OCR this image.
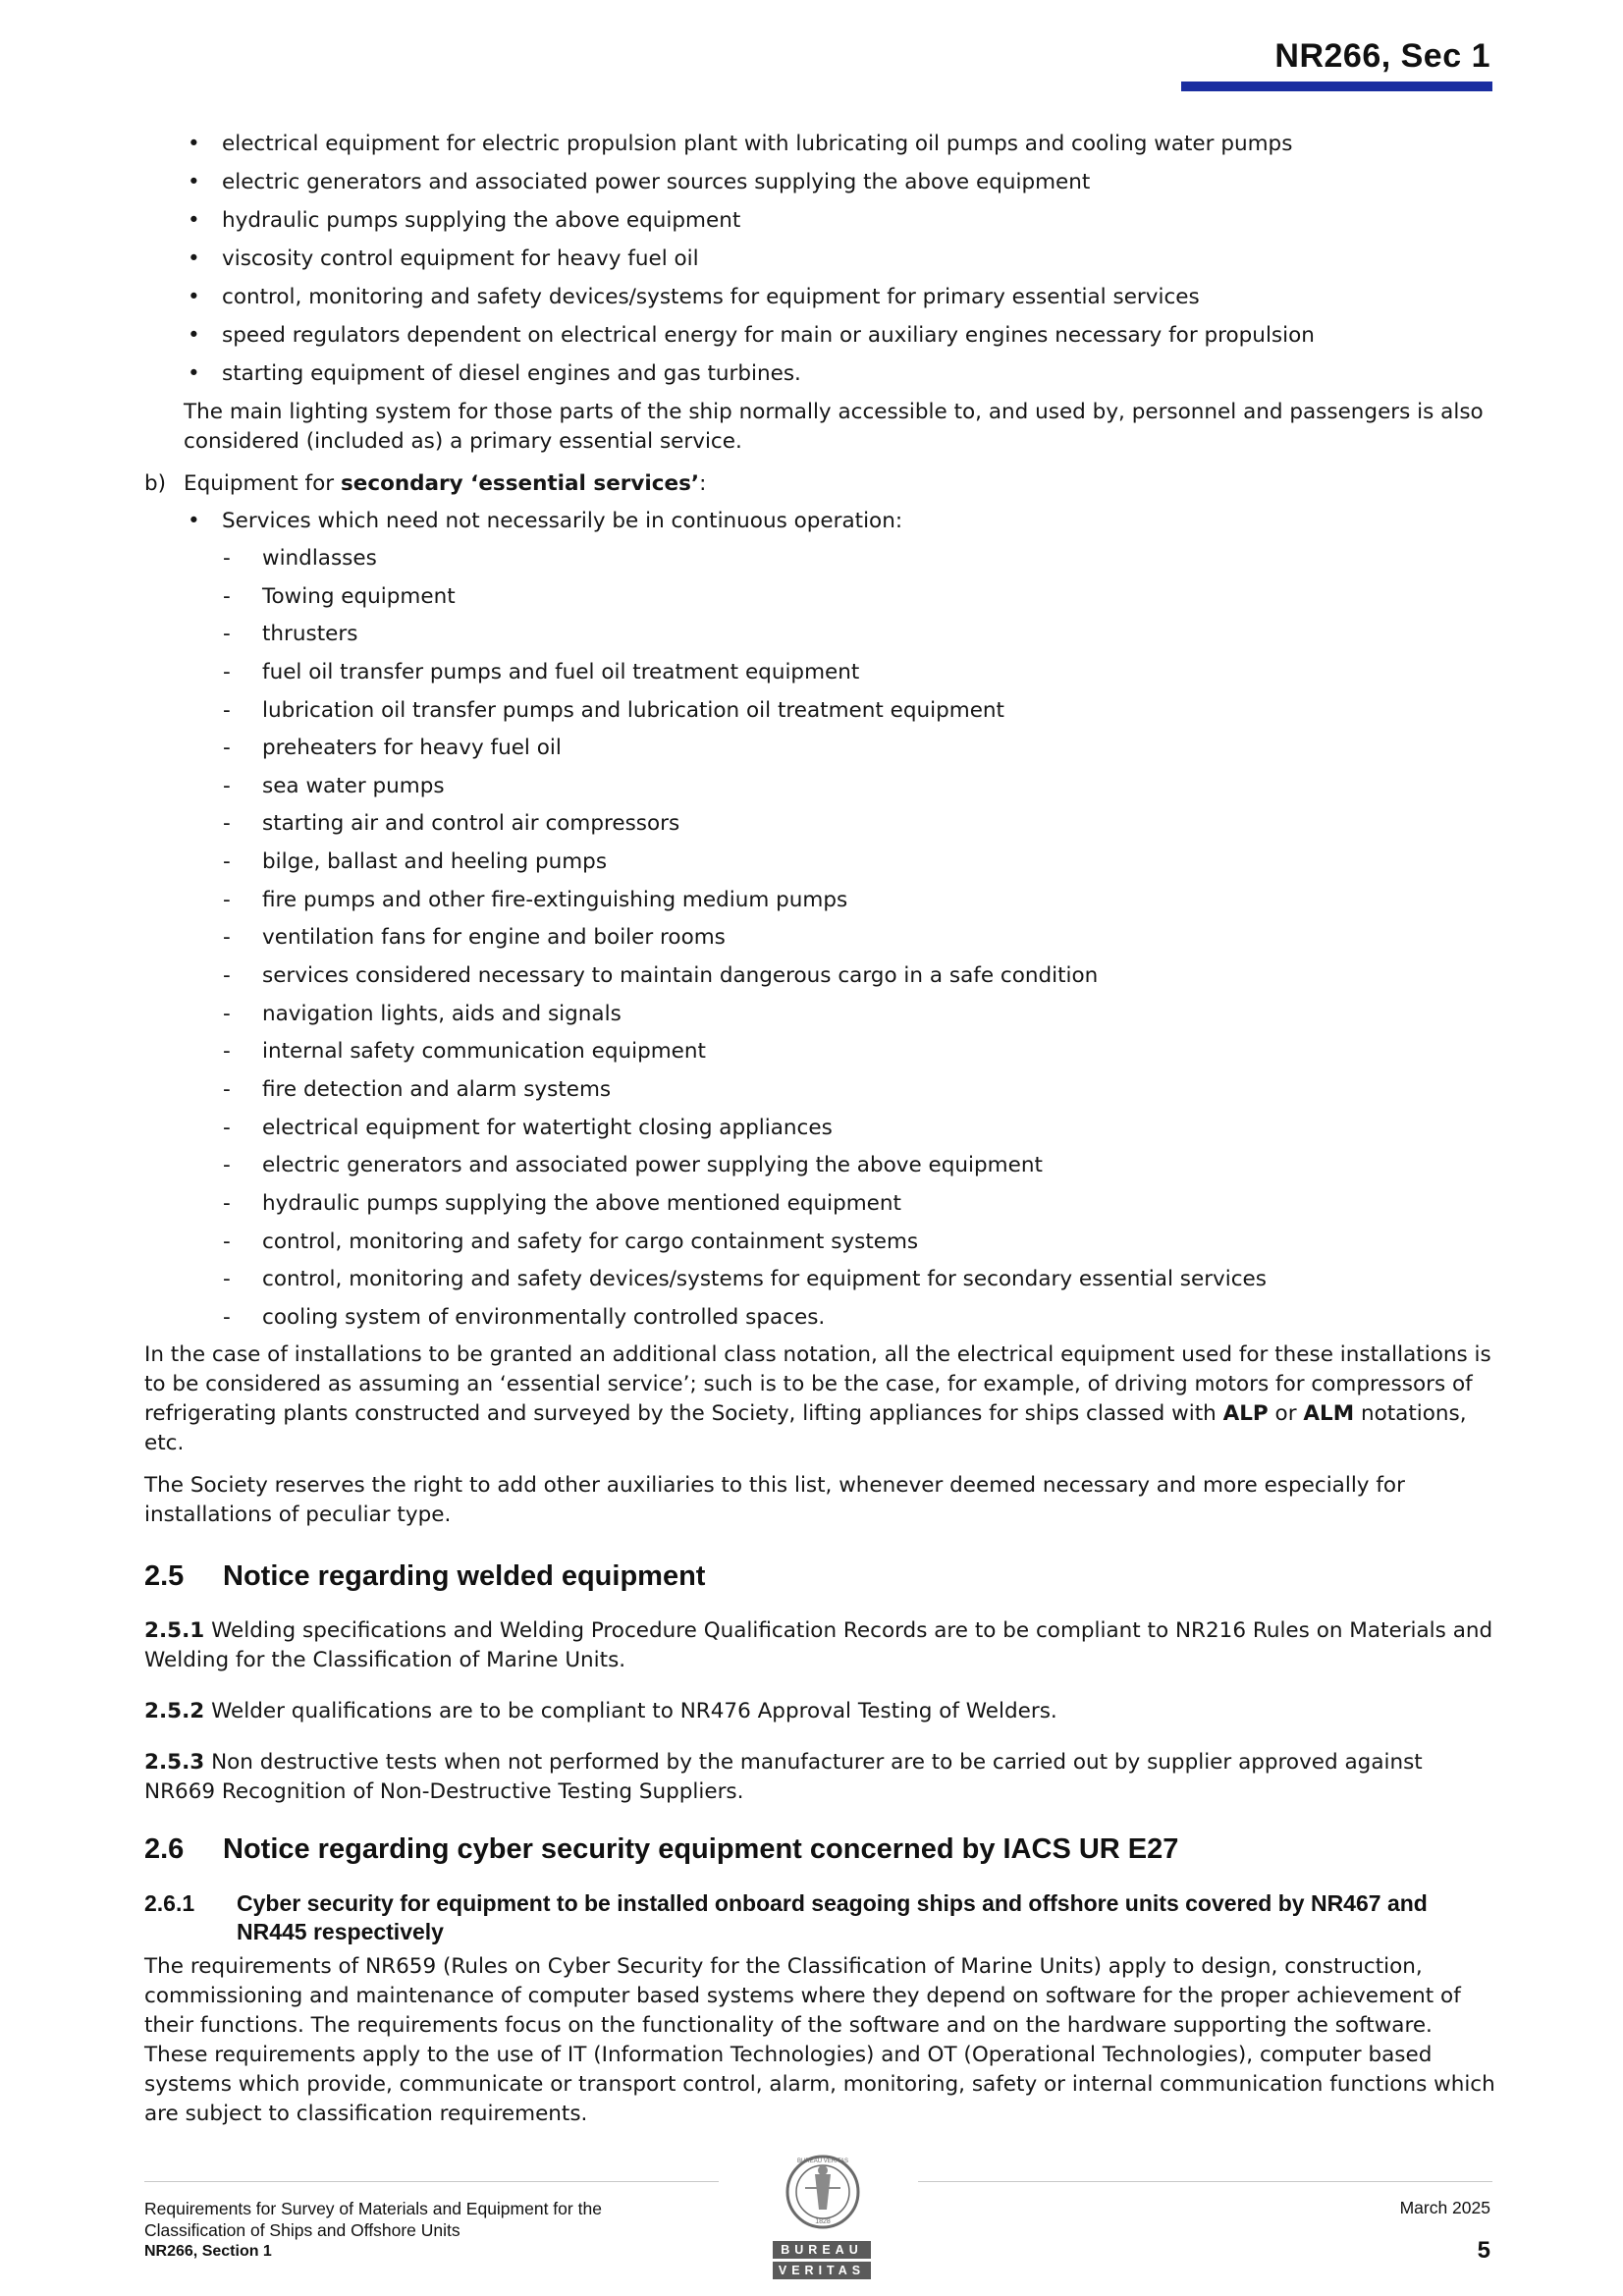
NR266, Sec 1
• electrical equipment for electric propulsion plant with lubricating oil pumps and cooling water pumps
• electric generators and associated power sources supplying the above equipment
• hydraulic pumps supplying the above equipment
• viscosity control equipment for heavy fuel oil
• control, monitoring and safety devices/systems for equipment for primary essential services
• speed regulators dependent on electrical energy for main or auxiliary engines necessary for propulsion
• starting equipment of diesel engines and gas turbines.

The main lighting system for those parts of the ship normally accessible to, and used by, personnel and passengers is also considered (included as) a primary essential service.

b) Equipment for secondary ‘essential services’:
• Services which need not necessarily be in continuous operation:
- windlasses
- Towing equipment
- thrusters
- fuel oil transfer pumps and fuel oil treatment equipment
- lubrication oil transfer pumps and lubrication oil treatment equipment
- preheaters for heavy fuel oil
- sea water pumps
- starting air and control air compressors
- bilge, ballast and heeling pumps
- fire pumps and other fire-extinguishing medium pumps
- ventilation fans for engine and boiler rooms
- services considered necessary to maintain dangerous cargo in a safe condition
- navigation lights, aids and signals
- internal safety communication equipment
- fire detection and alarm systems
- electrical equipment for watertight closing appliances
- electric generators and associated power supplying the above equipment
- hydraulic pumps supplying the above mentioned equipment
- control, monitoring and safety for cargo containment systems
- control, monitoring and safety devices/systems for equipment for secondary essential services
- cooling system of environmentally controlled spaces.

In the case of installations to be granted an additional class notation, all the electrical equipment used for these installations is to be considered as assuming an ‘essential service’; such is to be the case, for example, of driving motors for compressors of refrigerating plants constructed and surveyed by the Society, lifting appliances for ships classed with ALP or ALM notations, etc.

The Society reserves the right to add other auxiliaries to this list, whenever deemed necessary and more especially for installations of peculiar type.

2.5 Notice regarding welded equipment

2.5.1 Welding specifications and Welding Procedure Qualification Records are to be compliant to NR216 Rules on Materials and Welding for the Classification of Marine Units.

2.5.2 Welder qualifications are to be compliant to NR476 Approval Testing of Welders.

2.5.3 Non destructive tests when not performed by the manufacturer are to be carried out by supplier approved against NR669 Recognition of Non-Destructive Testing Suppliers.

2.6 Notice regarding cyber security equipment concerned by IACS UR E27
2.6.1 Cyber security for equipment to be installed onboard seagoing ships and offshore units covered by NR467 and NR445 respectively

The requirements of NR659 (Rules on Cyber Security for the Classification of Marine Units) apply to design, construction, commissioning and maintenance of computer based systems where they depend on software for the proper achievement of their functions. The requirements focus on the functionality of the software and on the hardware supporting the software. These requirements apply to the use of IT (Information Technologies) and OT (Operational Technologies), computer based systems which provide, communicate or transport control, alarm, monitoring, safety or internal communication functions which are subject to classification requirements.

BUREAU VERITAS
1828
BUREAU
VERITAS
Requirements for Survey of Materials and Equipment for the
Classification of Ships and Offshore Units
NR266, Section 1
March 2025
5
